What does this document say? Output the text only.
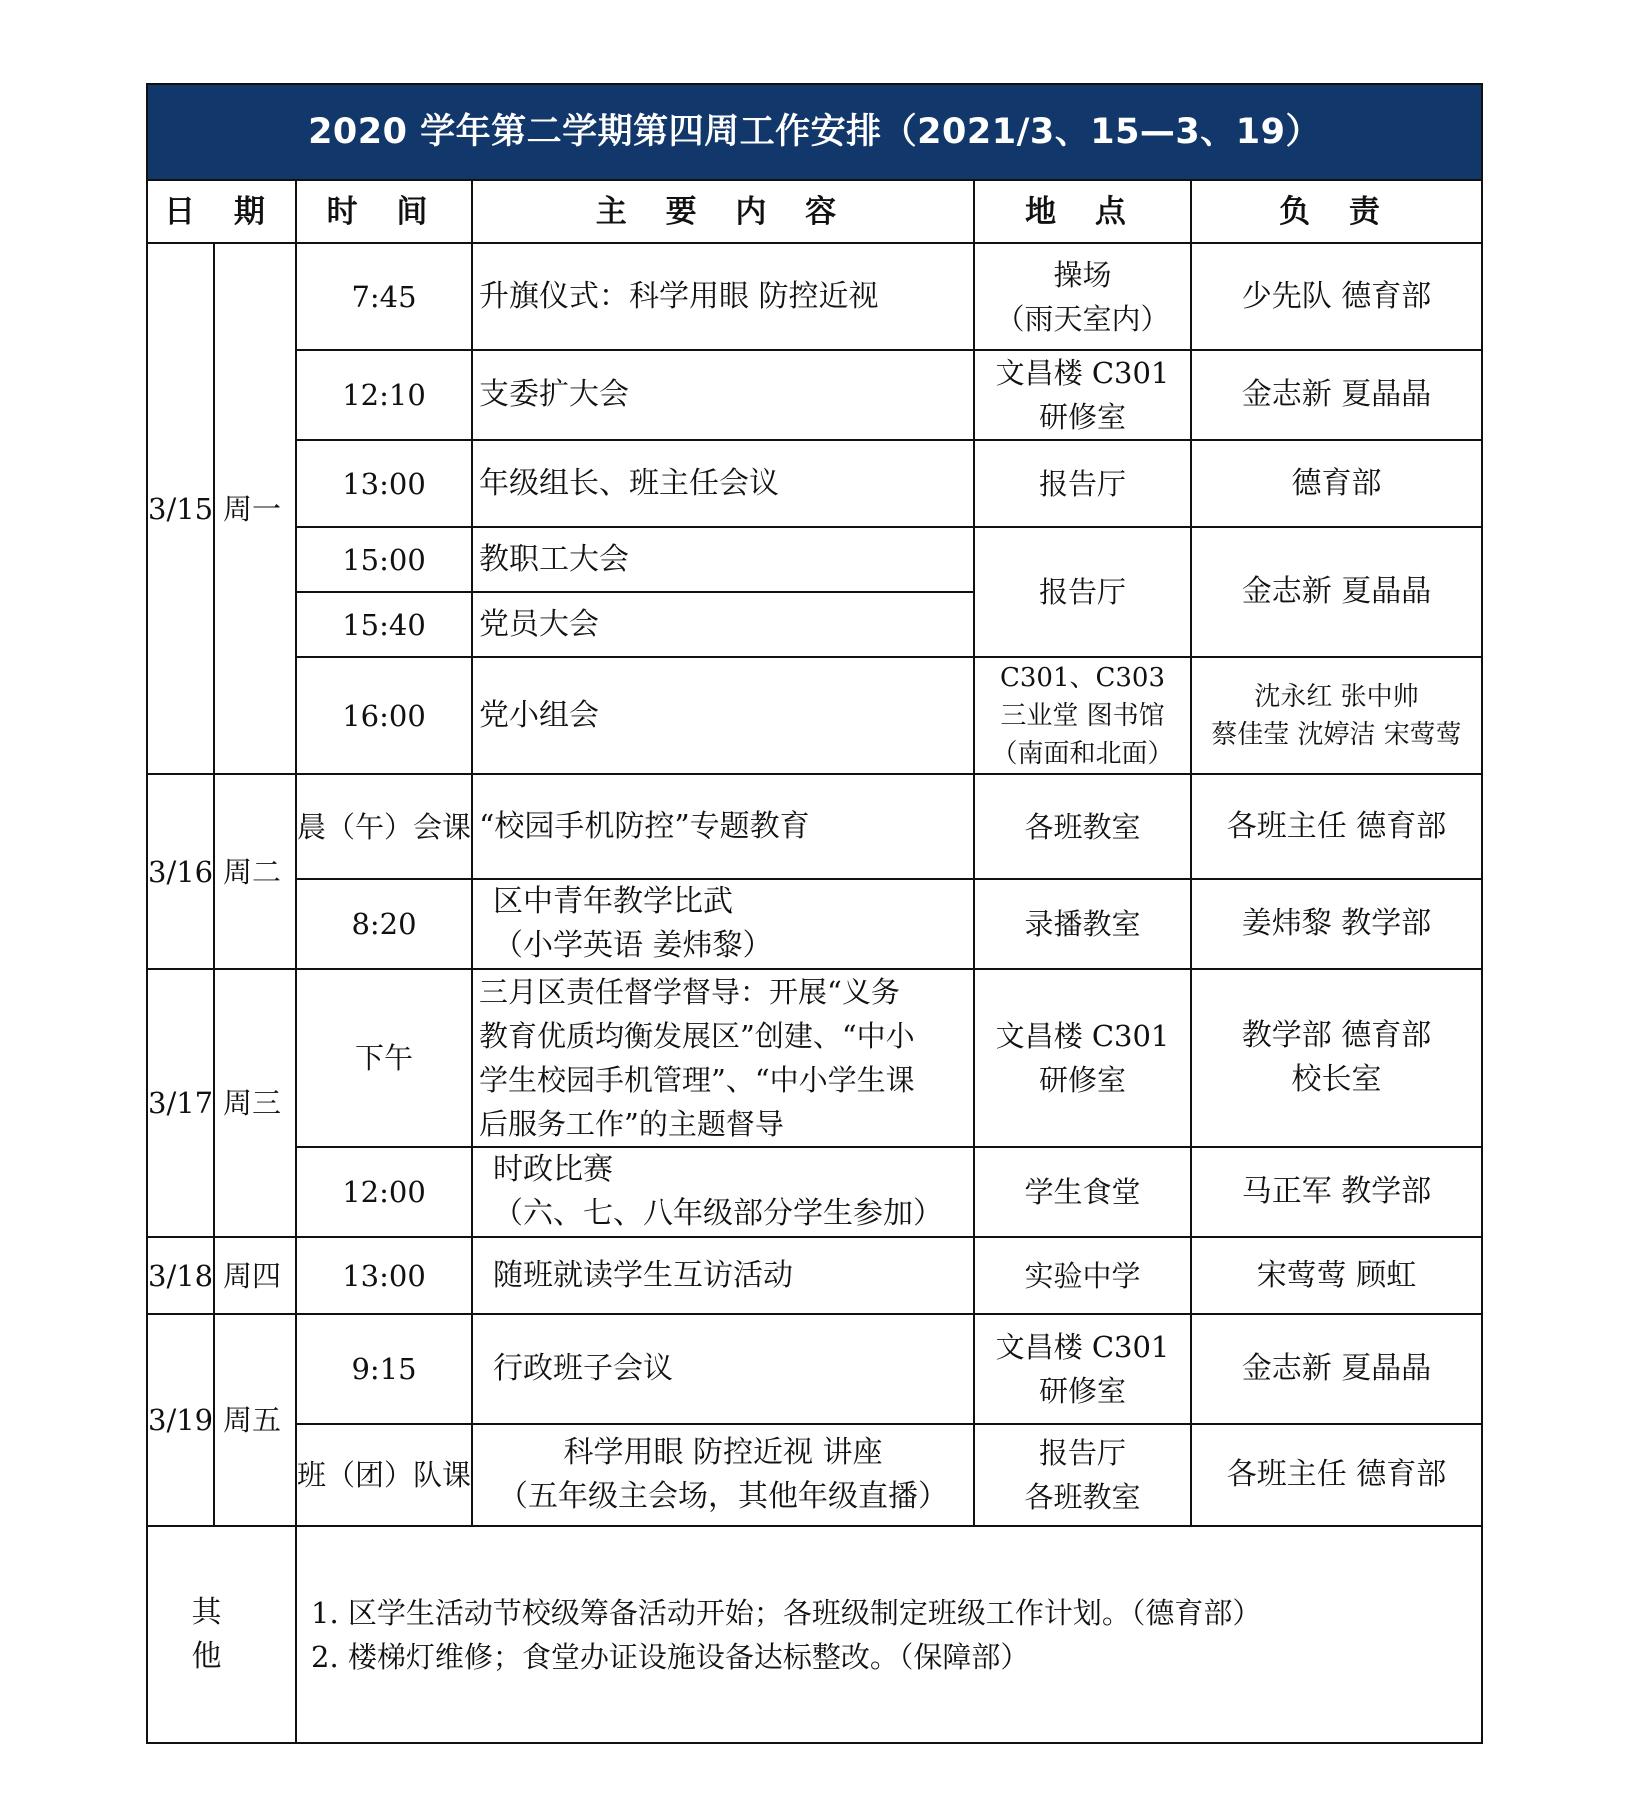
2020 学年第二学期第四周工作安排（2021/3、15—3、19）					
日 期		时 间	主 要 内 容	地 点	负 责
3/15	周一	7:45	升旗仪式：科学用眼 防控近视	操场
（雨天室内）	少先队 德育部

		12:10	支委扩大会	文昌楼 C301
研修室	金志新 夏晶晶

		13:00	年级组长、班主任会议	报告厅	德育部

		15:00	教职工大会	报告厅	金志新 夏晶晶

		15:40	党员大会		

		16:00	党小组会	C301、C303
三业堂 图书馆
（南面和北面）	沈永红 张中帅
蔡佳莹 沈婷洁 宋莺莺

3/16	周二	晨（午）会课	“校园手机防控”专题教育	各班教室	各班主任 德育部

		8:20	区中青年教学比武
（小学英语 姜炜黎）	录播教室	姜炜黎 教学部

3/17	周三	下午	三月区责任督学督导：开展“义务
教育优质均衡发展区”创建、“中小
学生校园手机管理”、“中小学生课
后服务工作”的主题督导	文昌楼 C301
研修室	教学部 德育部
校长室

		12:00	时政比赛
（六、七、八年级部分学生参加）	学生食堂	马正军 教学部

3/18	周四	13:00	随班就读学生互访活动	实验中学	宋莺莺 顾虹

3/19	周五	9:15	行政班子会议	文昌楼 C301
研修室	金志新 夏晶晶

		班（团）队课	科学用眼 防控近视 讲座
（五年级主会场，其他年级直播）	报告厅
各班教室	各班主任 德育部

其 他		1. 区学生活动节校级筹备活动开始；各班级制定班级工作计划。（德育部）
2. 楼梯灯维修；食堂办证设施设备达标整改。（保障部）			
